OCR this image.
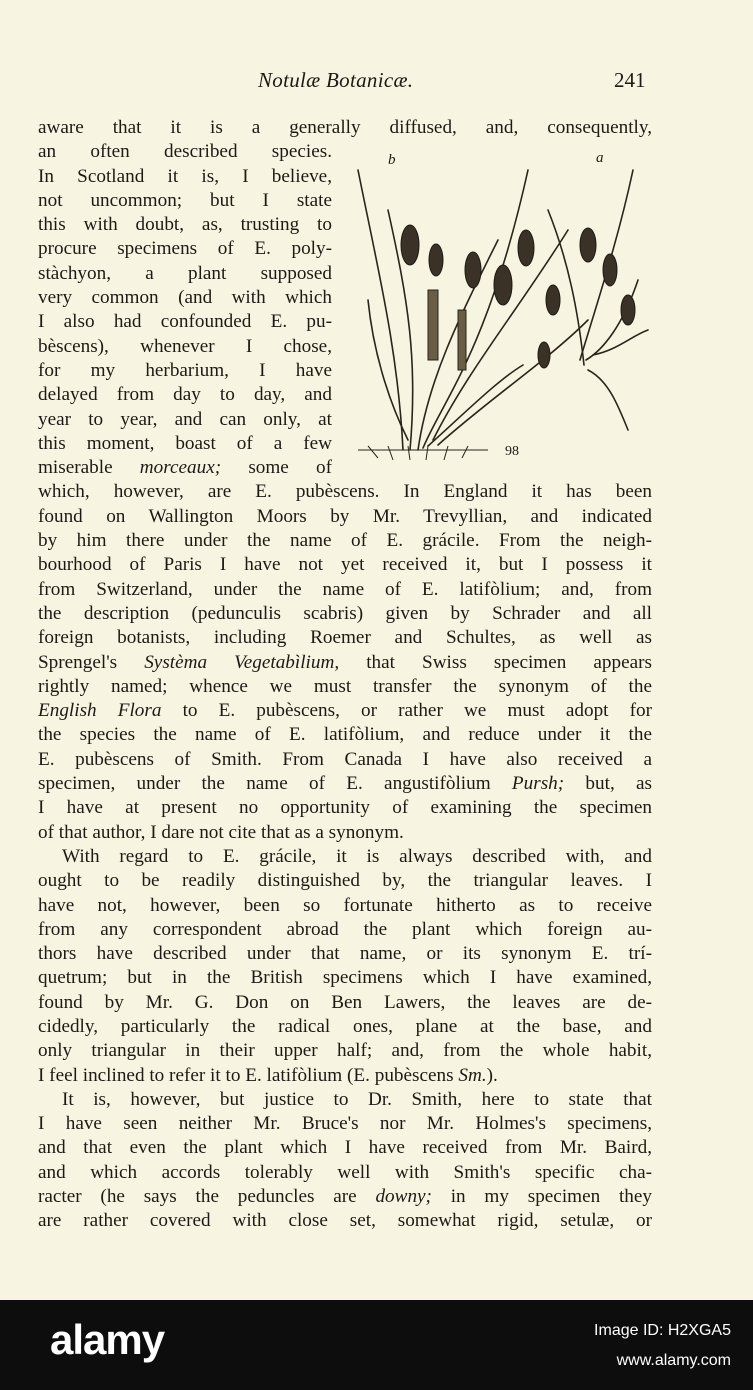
Notulæ Botanicæ.	241
b	a
98
aware that it is a generally diffused, and, consequently,
an often described species.
In Scotland it is, I believe,
not uncommon; but I state
this with doubt, as, trusting to
procure specimens of E. poly-
stàchyon, a plant supposed
very common (and with which
I also had confounded E. pu-
bèscens), whenever I chose,
for my herbarium, I have
delayed from day to day, and
year to year, and can only, at
this moment, boast of a few
miserable morceaux; some of
which, however, are E. pubèscens. In England it has been
found on Wallington Moors by Mr. Trevyllian, and indicated
by him there under the name of E. grácile. From the neigh-
bourhood of Paris I have not yet received it, but I possess it
from Switzerland, under the name of E. latifòlium; and, from
the description (pedunculis scabris) given by Schrader and all
foreign botanists, including Roemer and Schultes, as well as
Sprengel's Systèma Vegetabìlium, that Swiss specimen appears
rightly named; whence we must transfer the synonym of the
English Flora to E. pubèscens, or rather we must adopt for
the species the name of E. latifòlium, and reduce under it the
E. pubèscens of Smith. From Canada I have also received a
specimen, under the name of E. angustifòlium Pursh; but, as
I have at present no opportunity of examining the specimen
of that author, I dare not cite that as a synonym.
With regard to E. grácile, it is always described with, and
ought to be readily distinguished by, the triangular leaves. I
have not, however, been so fortunate hitherto as to receive
from any correspondent abroad the plant which foreign au-
thors have described under that name, or its synonym E. trí-
quetrum; but in the British specimens which I have examined,
found by Mr. G. Don on Ben Lawers, the leaves are de-
cidedly, particularly the radical ones, plane at the base, and
only triangular in their upper half; and, from the whole habit,
I feel inclined to refer it to E. latifòlium (E. pubèscens Sm.).
It is, however, but justice to Dr. Smith, here to state that
I have seen neither Mr. Bruce's nor Mr. Holmes's specimens,
and that even the plant which I have received from Mr. Baird,
and which accords tolerably well with Smith's specific cha-
racter (he says the peduncles are downy; in my specimen they
are rather covered with close set, somewhat rigid, setulæ, or
alamy	Image ID: H2XGA5
www.alamy.com
